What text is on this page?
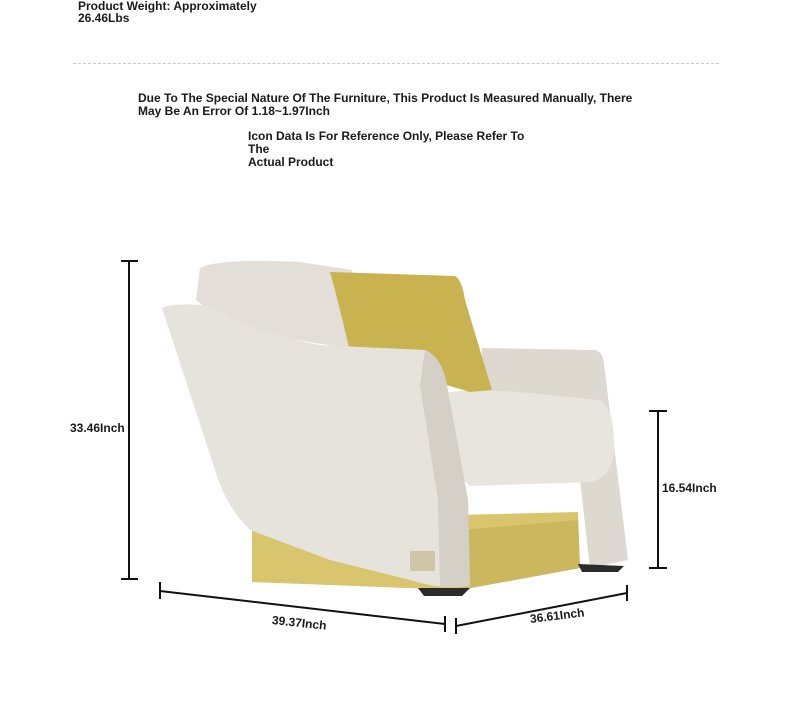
Product Weight: Approximately
26.46Lbs
Due To The Special Nature Of The Furniture, This Product Is Measured Manually, There May Be An Error Of 1.18~1.97Inch
Icon Data Is For Reference Only, Please Refer To The
Actual Product
33.46Inch
16.54Inch
39.37Inch	36.61Inch
